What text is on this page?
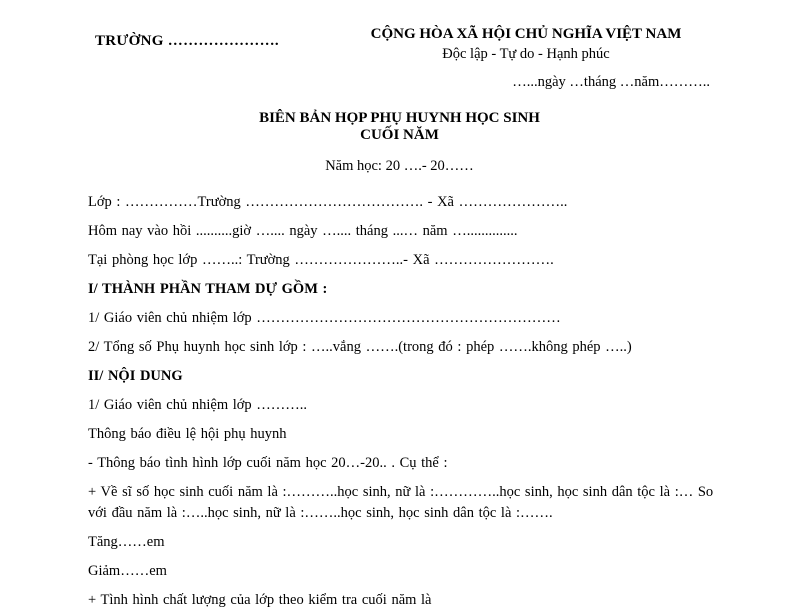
TRƯỜNG ………………….	CỘNG HÒA XÃ HỘI CHỦ NGHĨA VIỆT NAM
Độc lập - Tự do - Hạnh phúc
…...ngày …tháng …năm………..
BIÊN BẢN HỌP PHỤ HUYNH HỌC SINH
CUỐI NĂM
Năm học: 20 ….- 20……

Lớp : ……………Trường ………………………………. - Xã …………………..

Hôm nay vào hồi ..........giờ ….... ngày ….... tháng ...… năm …..............

Tại phòng học lớp ……..: Trường …………………..- Xã …………………….

I/ THÀNH PHẦN THAM DỰ GỒM :

1/ Giáo viên chủ nhiệm lớp ………………………………………………………

2/ Tổng số Phụ huynh học sinh lớp : …..vắng …….(trong đó : phép …….không phép …..)

II/ NỘI DUNG

1/ Giáo viên chủ nhiệm lớp ………..

Thông báo điều lệ hội phụ huynh

- Thông báo tình hình lớp cuối năm học 20…-20.. . Cụ thể :

+ Về sĩ số học sinh cuối năm là :………..học sinh, nữ là :…………..học sinh, học sinh dân tộc là :… So với đầu năm là :…..học sinh, nữ là :……..học sinh, học sinh dân tộc là :…….

Tăng……em

Giảm……em

+ Tình hình chất lượng của lớp theo kiểm tra cuối năm là
